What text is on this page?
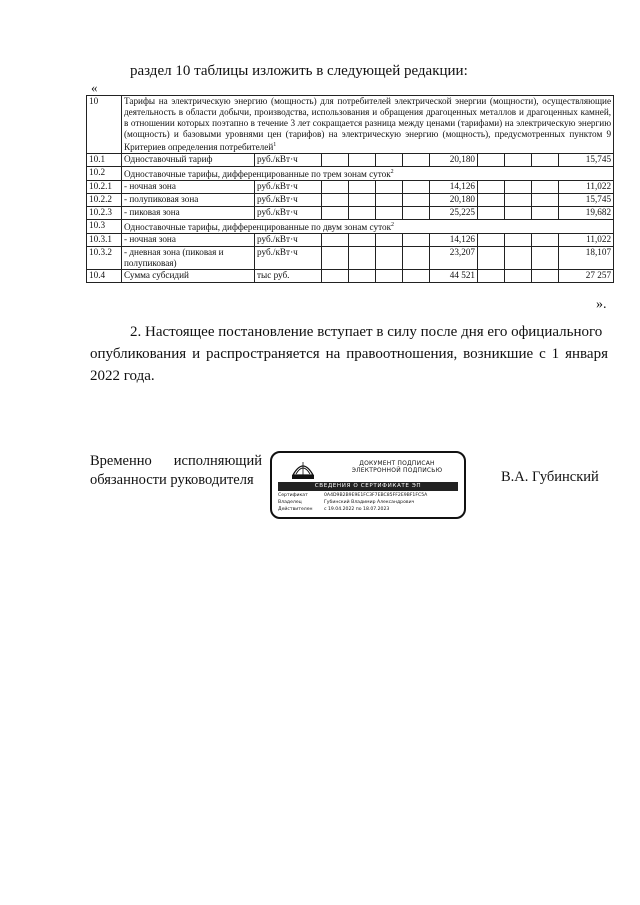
раздел 10 таблицы изложить в следующей редакции:
«
10	Тарифы на электрическую энергию (мощность) для потребителей электрической энергии (мощности), осуществляющие деятельность в области добычи, производства, использования и обращения драгоценных металлов и драгоценных камней, в отношении которых поэтапно в течение 3 лет сокращается разница между ценами (тарифами) на электрическую энергию (мощность) и базовыми уровнями цен (тарифов) на электрическую энергию (мощность), предусмотренных пунктом 9 Критериев определения потребителей$^1$
10.1	Одноставочный тариф	руб./кВт·ч					20,180				15,745
10.2	Одноставочные тарифы, дифференцированные по трем зонам суток$^2$
10.2.1	- ночная зона	руб./кВт·ч					14,126				11,022
10.2.2	- полупиковая зона	руб./кВт·ч					20,180				15,745
10.2.3	- пиковая зона	руб./кВт·ч					25,225				19,682
10.3	Одноставочные тарифы, дифференцированные по двум зонам суток$^2$
10.3.1	- ночная зона	руб./кВт·ч					14,126				11,022
10.3.2	- дневная зона (пиковая и полупиковая)	руб./кВт·ч					23,207				18,107
10.4	Сумма субсидий	тыс руб.					44 521				27 257
».
2. Настоящее постановление вступает в силу после дня его официального
опубликования и распространяется на правоотношения, возникшие с 1 января 2022 года.
Временно исполняющий
обязанности руководителя
ДОКУМЕНТ ПОДПИСАН
ЭЛЕКТРОННОЙ ПОДПИСЬЮ
СВЕДЕНИЯ О СЕРТИФИКАТЕ ЭП
Сертификат	0A4D9B2B9E9E1FC3F7EBC85FF2E9BF1FC5A
Владелец	Губинский Владимир Александрович
Действителен с 19.04.2022 по 18.07.2023
В.А. Губинский
